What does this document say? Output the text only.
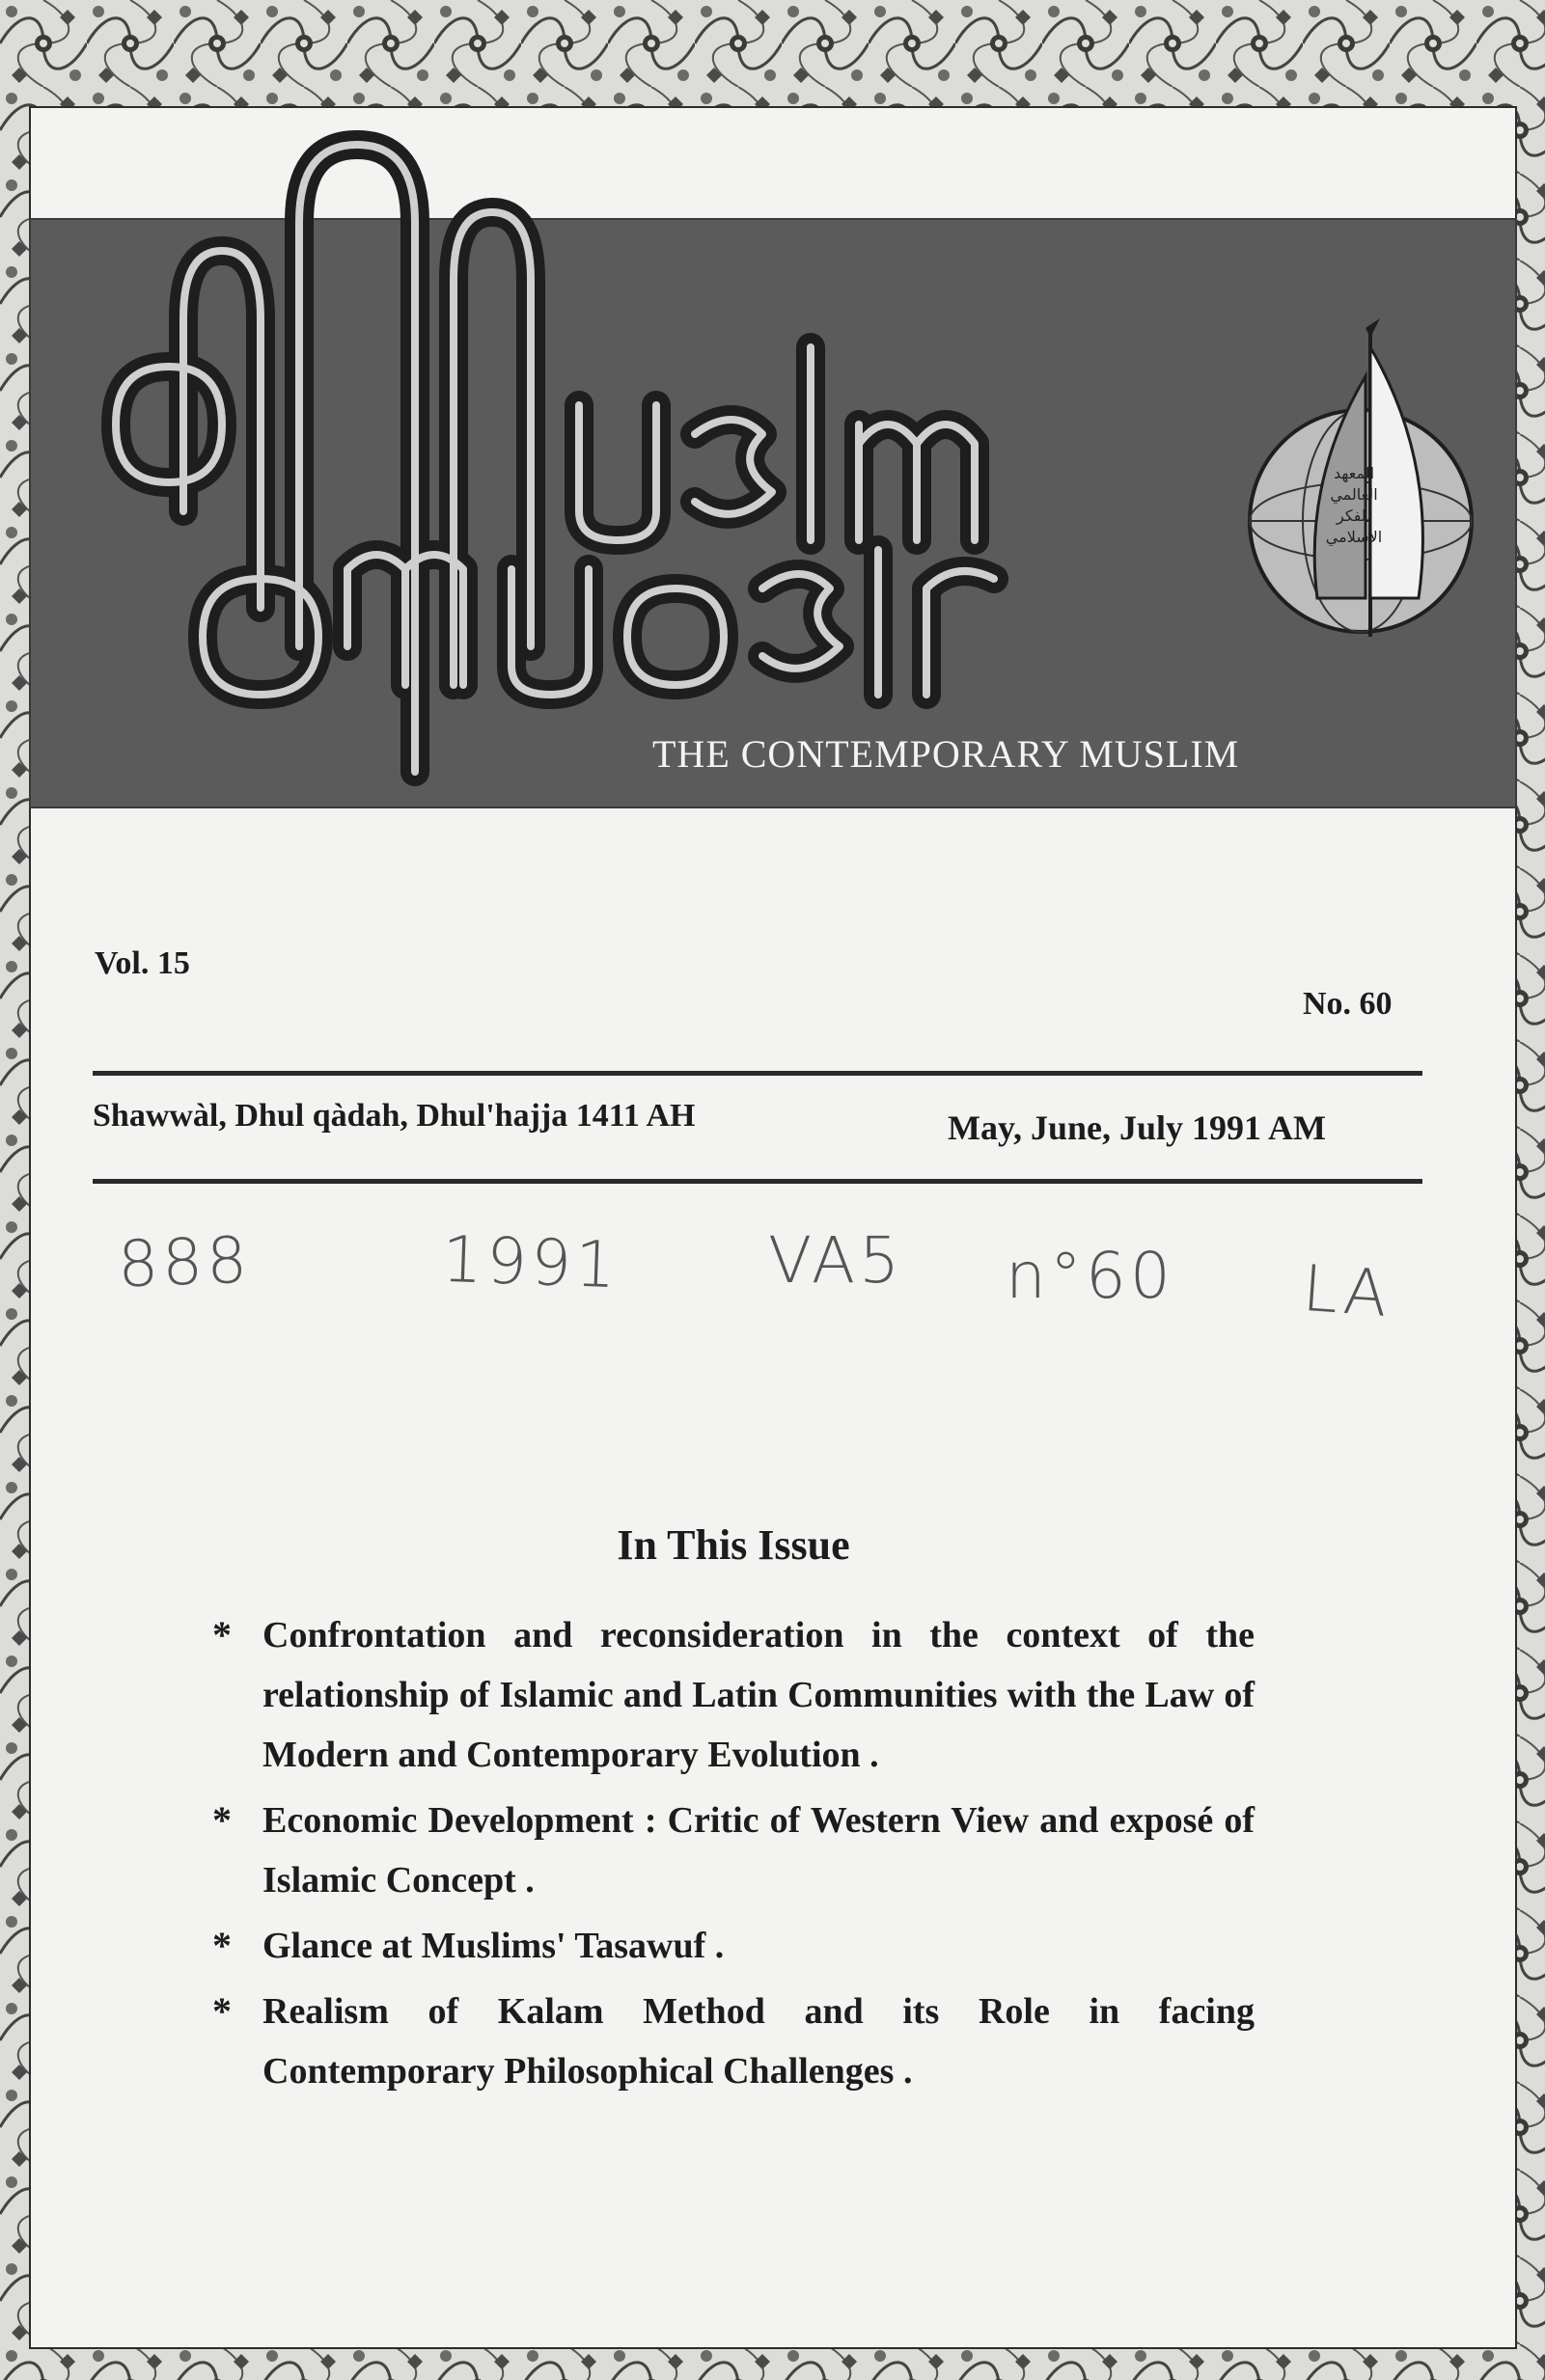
THE CONTEMPORARY MUSLIM
المعهد العالمي للفكر الإسلامي
Vol. 15
No. 60
Shawwàl, Dhul qàdah, Dhul'hajja 1411 AH	May, June, July 1991 AM
888	1991 VA5 n°60 LA
In This Issue
* Confrontation and reconsideration in the context of the relationship of Islamic and Latin Communities with the Law of Modern and Contemporary Evolution .
* Economic Development : Critic of Western View and exposé of Islamic Concept .
* Glance at Muslims' Tasawuf .
* Realism of Kalam Method and its Role in facing Contemporary Philosophical Challenges .
